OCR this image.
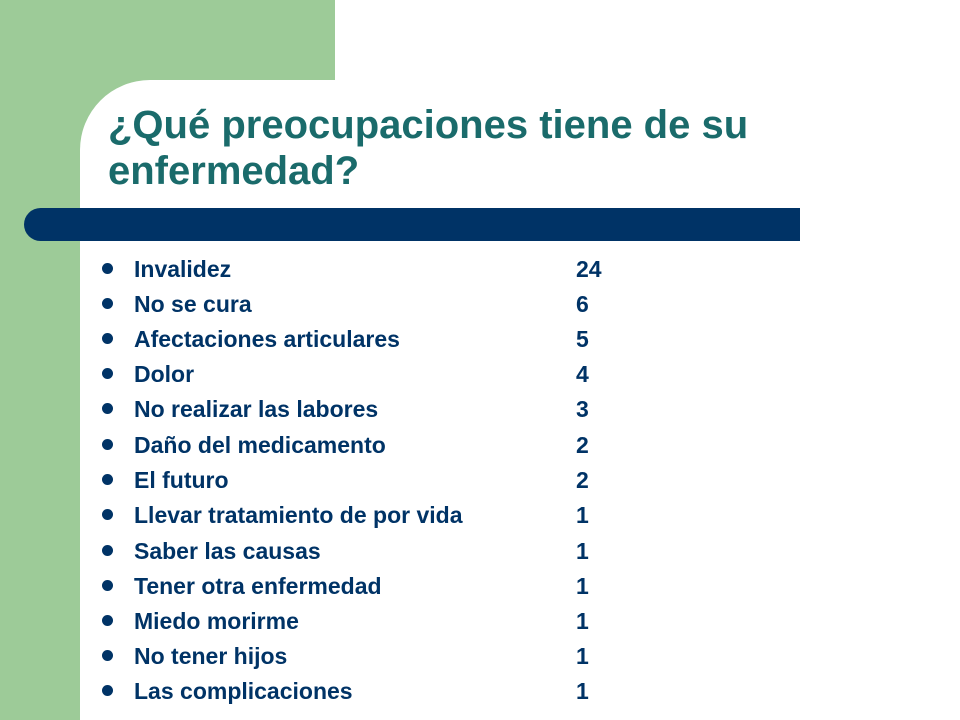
¿Qué preocupaciones tiene de su enfermedad?
Invalidez	24
No se cura	6
Afectaciones articulares	5
Dolor	4
No realizar las labores	3
Daño del medicamento	2
El futuro	2
Llevar tratamiento de por vida	1
Saber las causas	1
Tener otra enfermedad	1
Miedo morirme	1
No tener hijos	1
Las complicaciones	1
